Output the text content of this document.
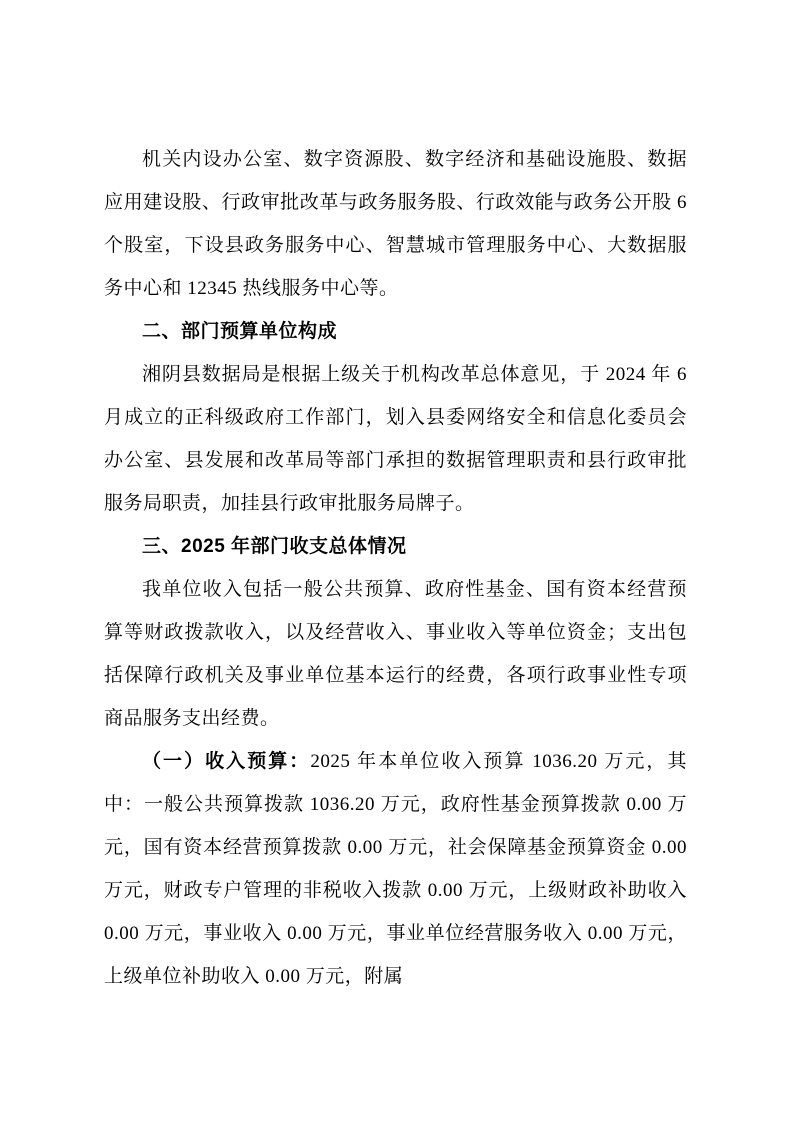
机关内设办公室、数字资源股、数字经济和基础设施股、数据应用建设股、行政审批改革与政务服务股、行政效能与政务公开股 6 个股室，下设县政务服务中心、智慧城市管理服务中心、大数据服务中心和 12345 热线服务中心等。

二、部门预算单位构成

湘阴县数据局是根据上级关于机构改革总体意见，于 2024 年 6 月成立的正科级政府工作部门，划入县委网络安全和信息化委员会办公室、县发展和改革局等部门承担的数据管理职责和县行政审批服务局职责，加挂县行政审批服务局牌子。

三、2025 年部门收支总体情况

我单位收入包括一般公共预算、政府性基金、国有资本经营预算等财政拨款收入，以及经营收入、事业收入等单位资金；支出包括保障行政机关及事业单位基本运行的经费，各项行政事业性专项商品服务支出经费。

（一）收入预算：2025 年本单位收入预算 1036.20 万元，其中：一般公共预算拨款 1036.20 万元，政府性基金预算拨款 0.00 万元，国有资本经营预算拨款 0.00 万元，社会保障基金预算资金 0.00 万元，财政专户管理的非税收入拨款 0.00 万元，上级财政补助收入 0.00 万元，事业收入 0.00 万元，事业单位经营服务收入 0.00 万元，上级单位补助收入 0.00 万元，附属
